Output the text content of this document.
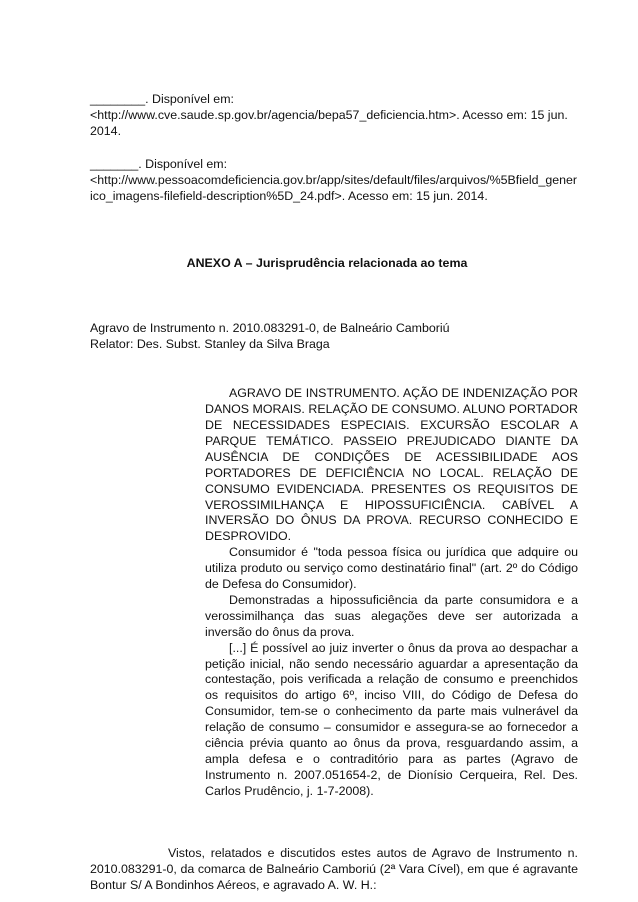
________. Disponível em:
<http://www.cve.saude.sp.gov.br/agencia/bepa57_deficiencia.htm>. Acesso em: 15 jun. 2014.
_______. Disponível em:
<http://www.pessoacomdeficiencia.gov.br/app/sites/default/files/arquivos/%5Bfield_generico_imagens-filefield-description%5D_24.pdf>. Acesso em: 15 jun. 2014.
ANEXO A – Jurisprudência relacionada ao tema
Agravo de Instrumento n. 2010.083291-0, de Balneário Camboriú
Relator: Des. Subst. Stanley da Silva Braga

AGRAVO DE INSTRUMENTO. AÇÃO DE INDENIZAÇÃO POR DANOS MORAIS. RELAÇÃO DE CONSUMO. ALUNO PORTADOR DE NECESSIDADES ESPECIAIS. EXCURSÃO ESCOLAR A PARQUE TEMÁTICO. PASSEIO PREJUDICADO DIANTE DA AUSÊNCIA DE CONDIÇÕES DE ACESSIBILIDADE AOS PORTADORES DE DEFICIÊNCIA NO LOCAL. RELAÇÃO DE CONSUMO EVIDENCIADA. PRESENTES OS REQUISITOS DE VEROSSIMILHANÇA E HIPOSSUFICIÊNCIA. CABÍVEL A INVERSÃO DO ÔNUS DA PROVA. RECURSO CONHECIDO E DESPROVIDO.

Consumidor é "toda pessoa física ou jurídica que adquire ou utiliza produto ou serviço como destinatário final" (art. 2º do Código de Defesa do Consumidor).

Demonstradas a hipossuficiência da parte consumidora e a verossimilhança das suas alegações deve ser autorizada a inversão do ônus da prova.

[...] É possível ao juiz inverter o ônus da prova ao despachar a petição inicial, não sendo necessário aguardar a apresentação da contestação, pois verificada a relação de consumo e preenchidos os requisitos do artigo 6º, inciso VIII, do Código de Defesa do Consumidor, tem-se o conhecimento da parte mais vulnerável da relação de consumo – consumidor e assegura-se ao fornecedor a ciência prévia quanto ao ônus da prova, resguardando assim, a ampla defesa e o contraditório para as partes (Agravo de Instrumento n. 2007.051654-2, de Dionísio Cerqueira, Rel. Des. Carlos Prudêncio, j. 1-7-2008).

Vistos, relatados e discutidos estes autos de Agravo de Instrumento n. 2010.083291-0, da comarca de Balneário Camboriú (2ª Vara Cível), em que é agravante Bontur S/ A Bondinhos Aéreos, e agravado A. W. H.:
